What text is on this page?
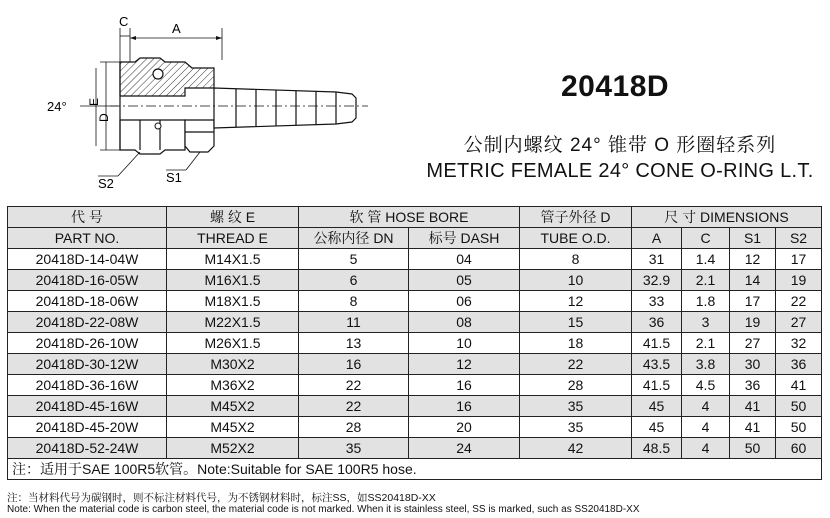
C	A
24° E
D
S2	S1
20418D
公制内螺纹 24° 锥带 O 形圈轻系列
METRIC FEMALE 24° CONE O-RING L.T.
代 号	螺 纹 E	软 管 HOSE BORE		管子外径 D	尺 寸 DIMENSIONS			
PART NO.	THREAD E	公称内径 DN	标号 DASH	TUBE O.D.	A	C	S1	S2
20418D-14-04W	M14X1.5	5	04	8	31	1.4	12	17
20418D-16-05W	M16X1.5	6	05	10	32.9	2.1	14	19
20418D-18-06W	M18X1.5	8	06	12	33	1.8	17	22
20418D-22-08W	M22X1.5	11	08	15	36	3	19	27
20418D-26-10W	M26X1.5	13	10	18	41.5	2.1	27	32
20418D-30-12W	M30X2	16	12	22	43.5	3.8	30	36
20418D-36-16W	M36X2	22	16	28	41.5	4.5	36	41
20418D-45-16W	M45X2	22	16	35	45	4	41	50
20418D-45-20W	M45X2	28	20	35	45	4	41	50
20418D-52-24W	M52X2	35	24	42	48.5	4	50	60
注：适用于SAE 100R5软管。Note:Suitable for SAE 100R5 hose.								
注：当材料代号为碳钢时，则不标注材料代号，为不锈钢材料时，标注SS，如SS20418D-XX
Note: When the material code is carbon steel, the material code is not marked. When it is stainless steel, SS is marked, such as SS20418D-XX
